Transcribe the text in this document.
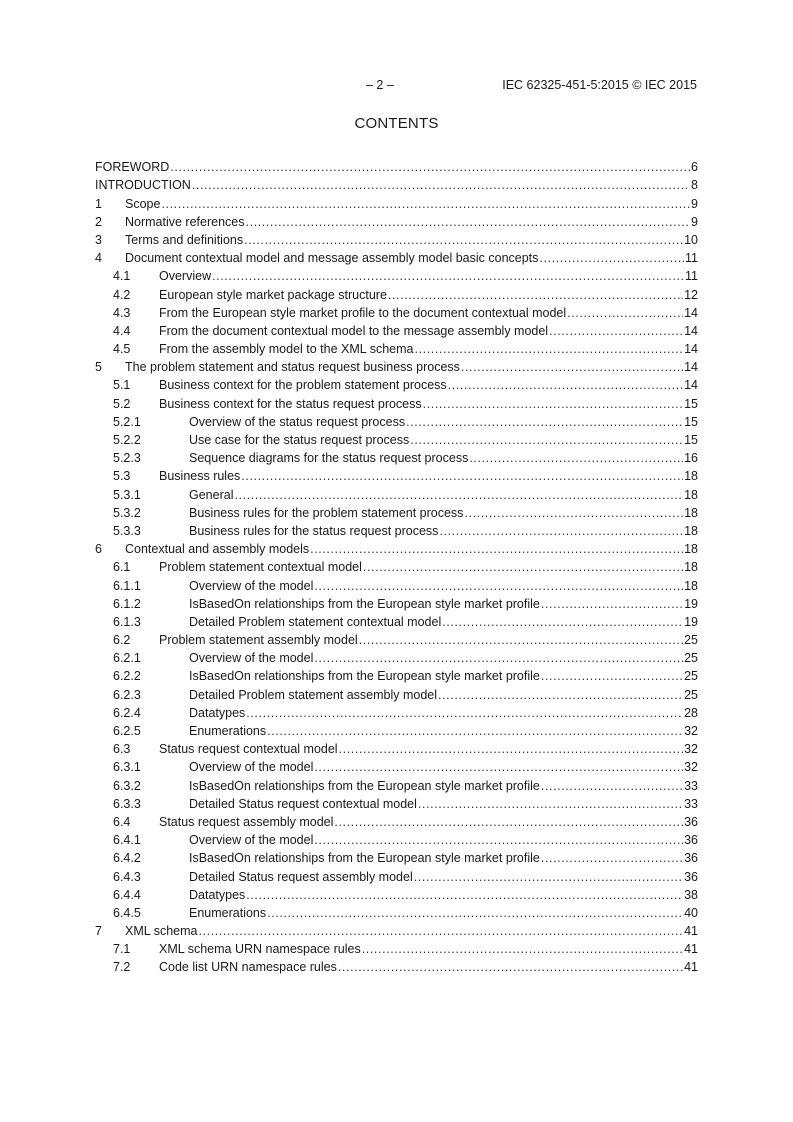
– 2 –	IEC 62325-451-5:2015 © IEC 2015
CONTENTS
FOREWORD .....	6
INTRODUCTION .....	8
1	Scope .....	9
2	Normative references .....	9
3	Terms and definitions .....	10
4	Document contextual model and message assembly model basic concepts .....	11
4.1	Overview .....	11
4.2	European style market package structure .....	12
4.3	From the European style market profile to the document contextual model .....	14
4.4	From the document contextual model to the message assembly model .....	14
4.5	From the assembly model to the XML schema .....	14
5	The problem statement and status request business process .....	14
5.1	Business context for the problem statement process .....	14
5.2	Business context for the status request process .....	15
5.2.1	Overview of the status request process .....	15
5.2.2	Use case for the status request process .....	15
5.2.3	Sequence diagrams for the status request process .....	16
5.3	Business rules .....	18
5.3.1	General .....	18
5.3.2	Business rules for the problem statement process .....	18
5.3.3	Business rules for the status request process .....	18
6	Contextual and assembly models .....	18
6.1	Problem statement contextual model .....	18
6.1.1	Overview of the model .....	18
6.1.2	IsBasedOn relationships from the European style market profile .....	19
6.1.3	Detailed Problem statement contextual model .....	19
6.2	Problem statement assembly model .....	25
6.2.1	Overview of the model .....	25
6.2.2	IsBasedOn relationships from the European style market profile .....	25
6.2.3	Detailed Problem statement assembly model .....	25
6.2.4	Datatypes .....	28
6.2.5	Enumerations .....	32
6.3	Status request contextual model .....	32
6.3.1	Overview of the model .....	32
6.3.2	IsBasedOn relationships from the European style market profile .....	33
6.3.3	Detailed Status request contextual model .....	33
6.4	Status request assembly model .....	36
6.4.1	Overview of the model .....	36
6.4.2	IsBasedOn relationships from the European style market profile .....	36
6.4.3	Detailed Status request assembly model .....	36
6.4.4	Datatypes .....	38
6.4.5	Enumerations .....	40
7	XML schema .....	41
7.1	XML schema URN namespace rules .....	41
7.2	Code list URN namespace rules .....	41
